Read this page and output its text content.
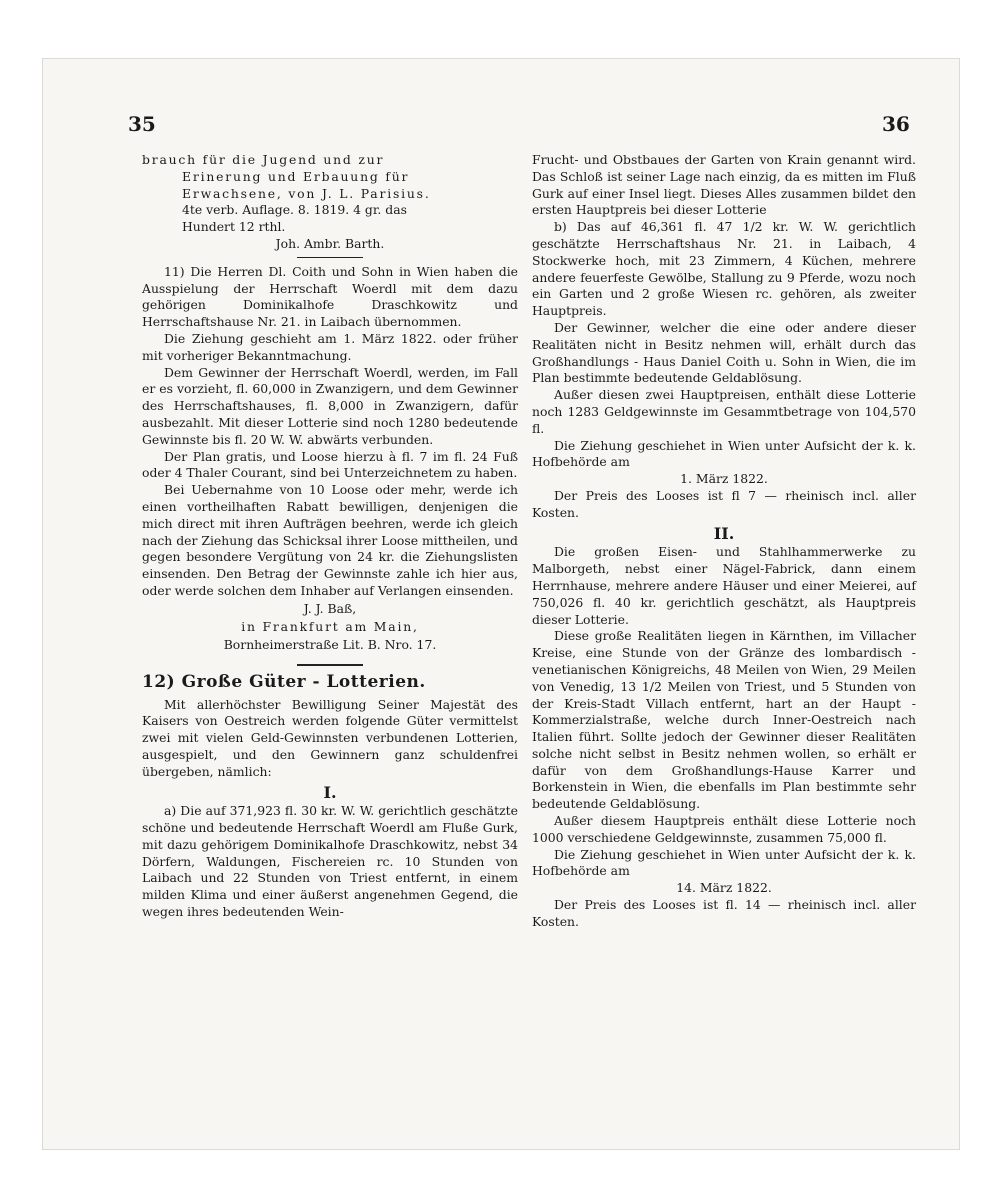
35	36

brauch für die Jugend und zur

Erinerung und Erbauung für

Erwachsene, von J. L. Parisius.

4te verb. Auflage. 8. 1819. 4 gr. das

Hundert 12 rthl.

Joh. Ambr. Barth.

11) Die Herren Dl. Coith und Sohn in Wien haben die Ausspielung der Herrschaft Woerdl mit dem dazu gehörigen Dominikalhofe Draschkowitz und Herrschaftshause Nr. 21. in Laibach übernommen.

Die Ziehung geschieht am 1. März 1822. oder früher mit vorheriger Bekanntmachung.

Dem Gewinner der Herrschaft Woerdl, werden, im Fall er es vorzieht, fl. 60,000 in Zwanzigern, und dem Gewinner des Herrschaftshauses, fl. 8,000 in Zwanzigern, dafür ausbezahlt. Mit dieser Lotterie sind noch 1280 bedeutende Gewinnste bis fl. 20 W. W. abwärts verbunden.

Der Plan gratis, und Loose hierzu à fl. 7 im fl. 24 Fuß oder 4 Thaler Courant, sind bei Unterzeichnetem zu haben.

Bei Uebernahme von 10 Loose oder mehr, werde ich einen vortheilhaften Rabatt bewilligen, denjenigen die mich direct mit ihren Aufträgen beehren, werde ich gleich nach der Ziehung das Schicksal ihrer Loose mittheilen, und gegen besondere Vergütung von 24 kr. die Ziehungslisten einsenden. Den Betrag der Gewinnste zahle ich hier aus, oder werde solchen dem Inhaber auf Verlangen einsenden.

J. J. Baß,
in Frankfurt am Main,
Bornheimerstraße Lit. B. Nro. 17.

12) Große Güter - Lotterien.

Mit allerhöchster Bewilligung Seiner Majestät des Kaisers von Oestreich werden folgende Güter vermittelst zwei mit vielen Geld-Gewinnsten verbundenen Lotterien, ausgespielt, und den Gewinnern ganz schuldenfrei übergeben, nämlich:

I.

a) Die auf 371,923 fl. 30 kr. W. W. gerichtlich geschätzte schöne und bedeutende Herrschaft Woerdl am Fluße Gurk, mit dazu gehörigem Dominikalhofe Draschkowitz, nebst 34 Dörfern, Waldungen, Fischereien rc. 10 Stunden von Laibach und 22 Stunden von Triest entfernt, in einem milden Klima und einer äußerst angenehmen Gegend, die wegen ihres bedeutenden Wein-

Frucht- und Obstbaues der Garten von Krain genannt wird. Das Schloß ist seiner Lage nach einzig, da es mitten im Fluß Gurk auf einer Insel liegt. Dieses Alles zusammen bildet den ersten Hauptpreis bei dieser Lotterie

b) Das auf 46,361 fl. 47 1/2 kr. W. W. gerichtlich geschätzte Herrschaftshaus Nr. 21. in Laibach, 4 Stockwerke hoch, mit 23 Zimmern, 4 Küchen, mehrere andere feuerfeste Gewölbe, Stallung zu 9 Pferde, wozu noch ein Garten und 2 große Wiesen rc. gehören, als zweiter Hauptpreis.

Der Gewinner, welcher die eine oder andere dieser Realitäten nicht in Besitz nehmen will, erhält durch das Großhandlungs - Haus Daniel Coith u. Sohn in Wien, die im Plan bestimmte bedeutende Geldablösung.

Außer diesen zwei Hauptpreisen, enthält diese Lotterie noch 1283 Geldgewinnste im Gesammtbetrage von 104,570 fl.

Die Ziehung geschiehet in Wien unter Aufsicht der k. k. Hofbehörde am

1. März 1822.

Der Preis des Looses ist fl 7 — rheinisch incl. aller Kosten.

II.

Die großen Eisen- und Stahlhammerwerke zu Malborgeth, nebst einer Nägel-Fabrick, dann einem Herrnhause, mehrere andere Häuser und einer Meierei, auf 750,026 fl. 40 kr. gerichtlich geschätzt, als Hauptpreis dieser Lotterie.

Diese große Realitäten liegen in Kärnthen, im Villacher Kreise, eine Stunde von der Gränze des lombardisch - venetianischen Königreichs, 48 Meilen von Wien, 29 Meilen von Venedig, 13 1/2 Meilen von Triest, und 5 Stunden von der Kreis-Stadt Villach entfernt, hart an der Haupt - Kommerzialstraße, welche durch Inner-Oestreich nach Italien führt. Sollte jedoch der Gewinner dieser Realitäten solche nicht selbst in Besitz nehmen wollen, so erhält er dafür von dem Großhandlungs-Hause Karrer und Borkenstein in Wien, die ebenfalls im Plan bestimmte sehr bedeutende Geldablösung.

Außer diesem Hauptpreis enthält diese Lotterie noch 1000 verschiedene Geldgewinnste, zusammen 75,000 fl.

Die Ziehung geschiehet in Wien unter Aufsicht der k. k. Hofbehörde am

14. März 1822.

Der Preis des Looses ist fl. 14 — rheinisch incl. aller Kosten.
